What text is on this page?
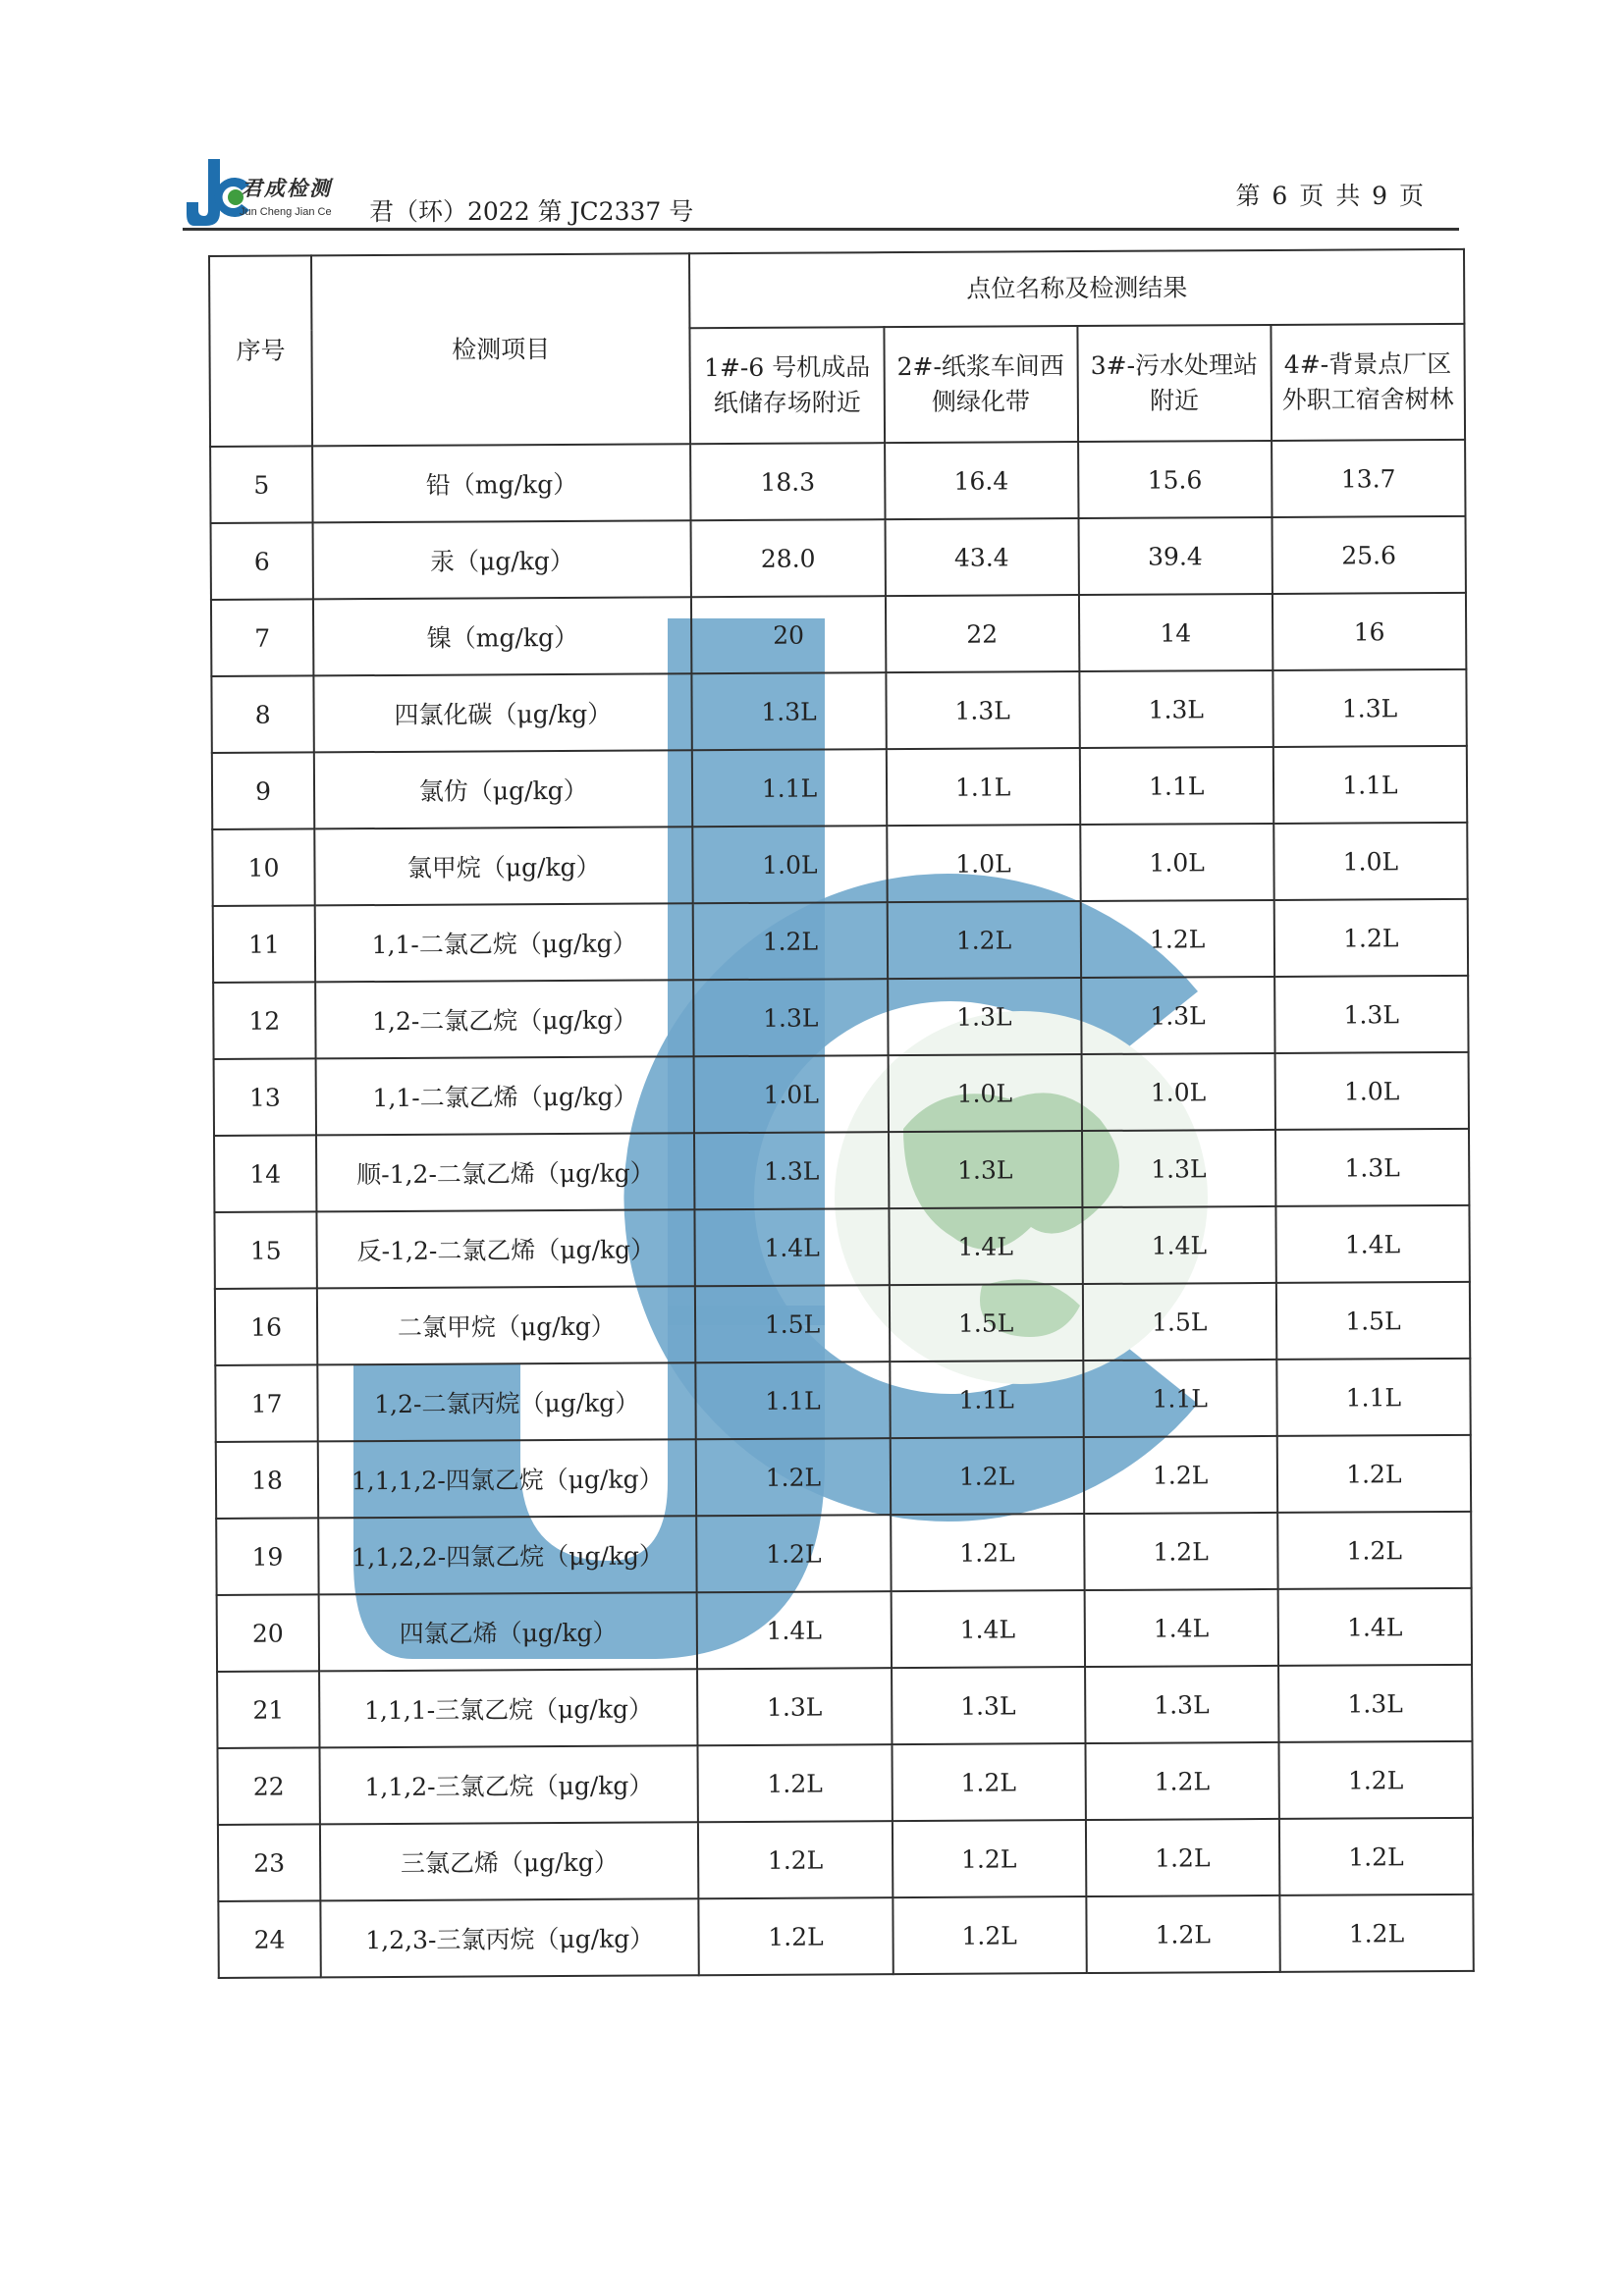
君成检测
Jun Cheng Jian Ce 君（环）2022 第 JC2337 号
第 6 页 共 9 页
序号	检测项目	点位名称及检测结果			
		1#-6 号机成品纸储存场附近	2#-纸浆车间西侧绿化带	3#-污水处理站附近	4#-背景点厂区外职工宿舍树林
5	铅（mg/kg）	18.3	16.4	15.6	13.7
6	汞（μg/kg）	28.0	43.4	39.4	25.6
7	镍（mg/kg）	20	22	14	16
8	四氯化碳（μg/kg）	1.3L	1.3L	1.3L	1.3L
9	氯仿（μg/kg）	1.1L	1.1L	1.1L	1.1L
10	氯甲烷（μg/kg）	1.0L	1.0L	1.0L	1.0L
11	1,1-二氯乙烷（μg/kg）	1.2L	1.2L	1.2L	1.2L
12	1,2-二氯乙烷（μg/kg）	1.3L	1.3L	1.3L	1.3L
13	1,1-二氯乙烯（μg/kg）	1.0L	1.0L	1.0L	1.0L
14	顺-1,2-二氯乙烯（μg/kg）	1.3L	1.3L	1.3L	1.3L
15	反-1,2-二氯乙烯（μg/kg）	1.4L	1.4L	1.4L	1.4L
16	二氯甲烷（μg/kg）	1.5L	1.5L	1.5L	1.5L
17	1,2-二氯丙烷（μg/kg）	1.1L	1.1L	1.1L	1.1L
18	1,1,1,2-四氯乙烷（μg/kg）	1.2L	1.2L	1.2L	1.2L
19	1,1,2,2-四氯乙烷（μg/kg）	1.2L	1.2L	1.2L	1.2L
20	四氯乙烯（μg/kg）	1.4L	1.4L	1.4L	1.4L
21	1,1,1-三氯乙烷（μg/kg）	1.3L	1.3L	1.3L	1.3L
22	1,1,2-三氯乙烷（μg/kg）	1.2L	1.2L	1.2L	1.2L
23	三氯乙烯（μg/kg）	1.2L	1.2L	1.2L	1.2L
24	1,2,3-三氯丙烷（μg/kg）	1.2L	1.2L	1.2L	1.2L
